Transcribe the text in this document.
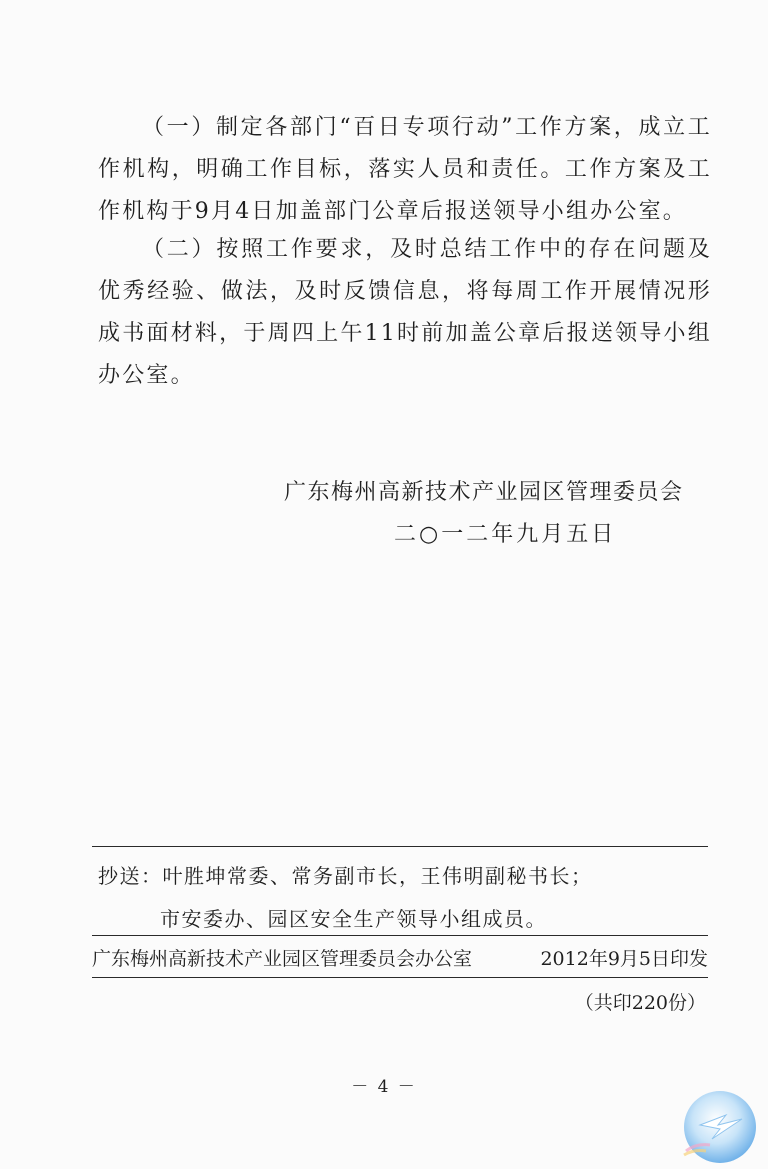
（一）制定各部门“百日专项行动”工作方案，成立工作机构，明确工作目标，落实人员和责任。工作方案及工作机构于9月4日加盖部门公章后报送领导小组办公室。

（二）按照工作要求，及时总结工作中的存在问题及优秀经验、做法，及时反馈信息，将每周工作开展情况形成书面材料，于周四上午11时前加盖公章后报送领导小组办公室。

广东梅州高新技术产业园区管理委员会
二○一二年九月五日
抄送：叶胜坤常委、常务副市长，王伟明副秘书长；
市安委办、园区安全生产领导小组成员。
广东梅州高新技术产业园区管理委员会办公室	2012年9月5日印发
（共印220份）
－ 4 －
